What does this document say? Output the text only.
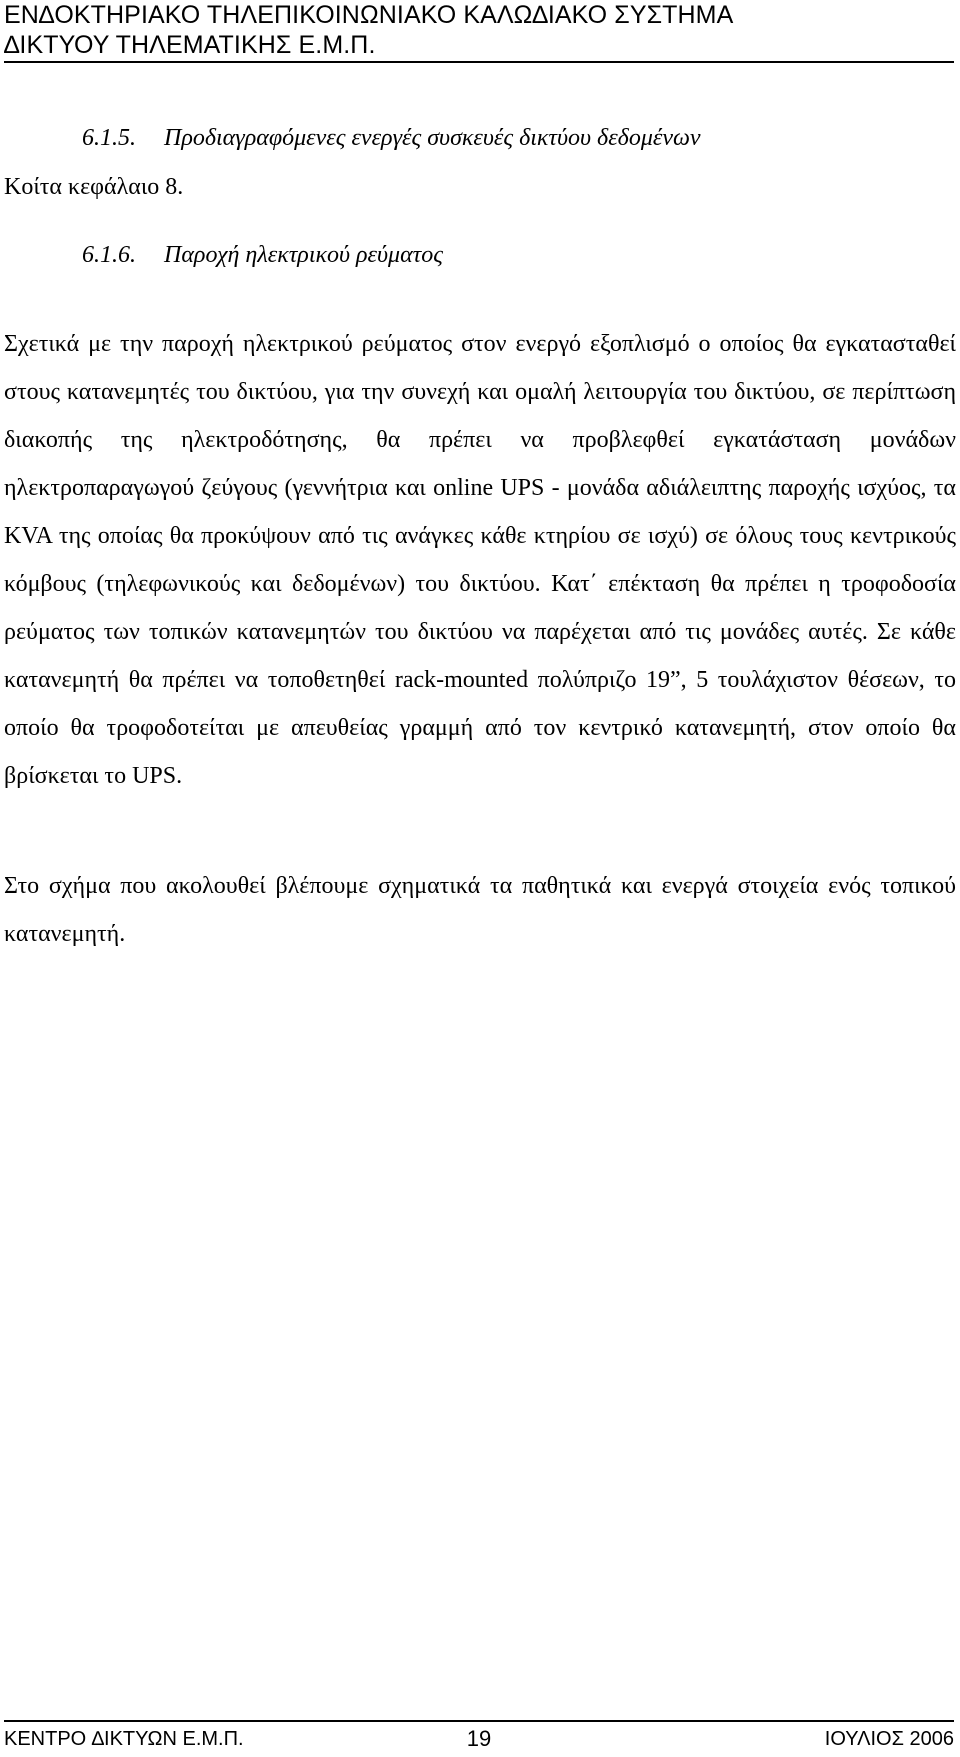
ΕΝ∆ΟΚΤΗΡΙΑΚΟ ΤΗΛΕΠΙΚΟΙΝΩΝΙΑΚΟ ΚΑΛΩ∆ΙΑΚΟ ΣΥΣΤΗΜΑ
∆ΙΚΤΥΟΥ ΤΗΛΕΜΑΤΙΚΗΣ Ε.Μ.Π.
6.1.5. Προδιαγραφόμενες ενεργές συσκευές δικτύου δεδομένων
Κοίτα κεφάλαιο 8.
6.1.6. Παροχή ηλεκτρικού ρεύματος

Σχετικά με την παροχή ηλεκτρικού ρεύματος στον ενεργό εξοπλισμό ο οποίος θα εγκατασταθεί στους κατανεμητές του δικτύου, για την συνεχή και ομαλή λειτουργία του δικτύου, σε περίπτωση διακοπής της ηλεκτροδότησης, θα πρέπει να προβλεφθεί εγκατάσταση μονάδων ηλεκτροπαραγωγού ζεύγους (γεννήτρια και online UPS - μονάδα αδιάλειπτης παροχής ισχύος, τα KVA της οποίας θα προκύψουν από τις ανάγκες κάθε κτηρίου σε ισχύ) σε όλους τους κεντρικούς κόμβους (τηλεφωνικούς και δεδομένων) του δικτύου. Κατ΄ επέκταση θα πρέπει η τροφοδοσία ρεύματος των τοπικών κατανεμητών του δικτύου να παρέχεται από τις μονάδες αυτές. Σε κάθε κατανεμητή θα πρέπει να τοποθετηθεί rack-mounted πολύπριζο 19”, 5 τουλάχιστον θέσεων, το οποίο θα τροφοδοτείται με απευθείας γραμμή από τον κεντρικό κατανεμητή, στον οποίο θα βρίσκεται το UPS.

Στο σχήμα που ακολουθεί βλέπουμε σχηματικά τα παθητικά και ενεργά στοιχεία ενός τοπικού κατανεμητή.

ΚΕΝΤΡΟ ∆ΙΚΤΥΩΝ Ε.Μ.Π.	19	ΙΟΥΛΙΟΣ 2006
